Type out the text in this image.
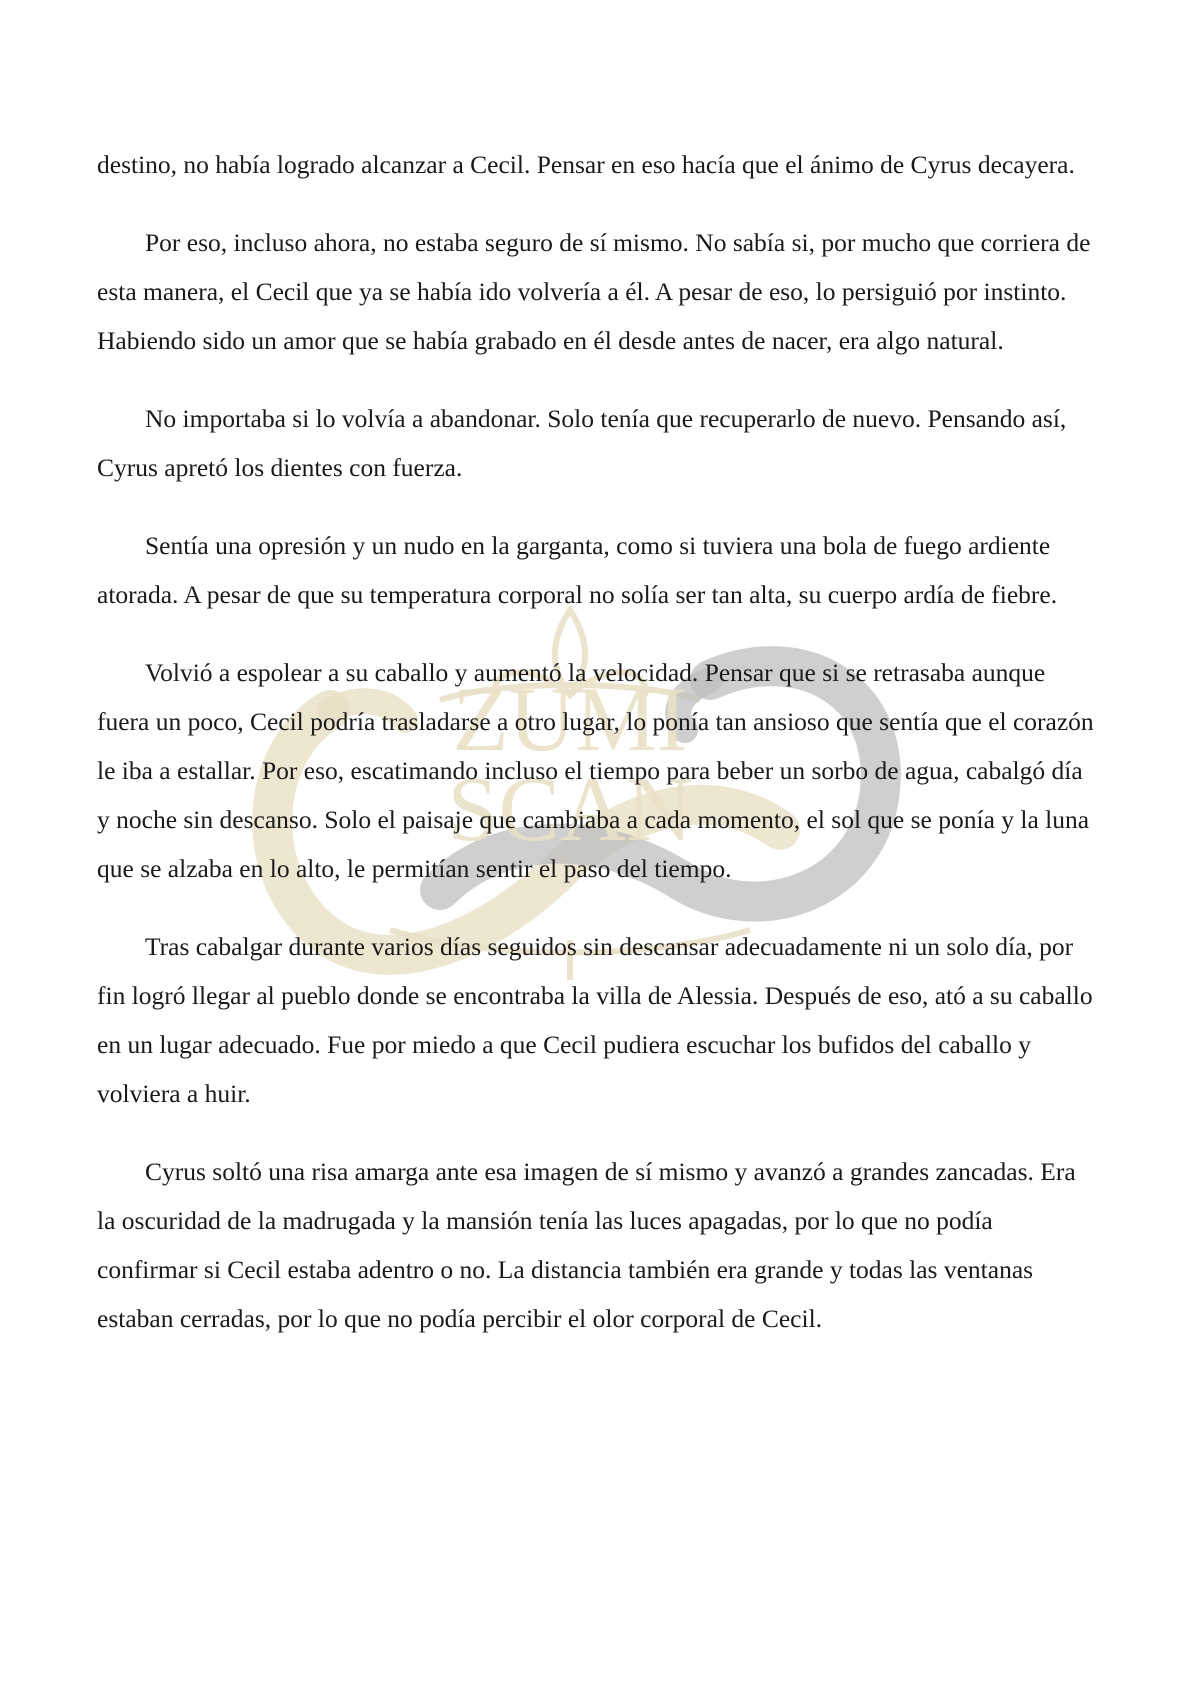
ZUMI
SCAN

destino, no había logrado alcanzar a Cecil. Pensar en eso hacía que el ánimo de Cyrus decayera.

Por eso, incluso ahora, no estaba seguro de sí mismo. No sabía si, por mucho que corriera de esta manera, el Cecil que ya se había ido volvería a él. A pesar de eso, lo persiguió por instinto. Habiendo sido un amor que se había grabado en él desde antes de nacer, era algo natural.

No importaba si lo volvía a abandonar. Solo tenía que recuperarlo de nuevo. Pensando así, Cyrus apretó los dientes con fuerza.

Sentía una opresión y un nudo en la garganta, como si tuviera una bola de fuego ardiente atorada. A pesar de que su temperatura corporal no solía ser tan alta, su cuerpo ardía de fiebre.

Volvió a espolear a su caballo y aumentó la velocidad. Pensar que si se retrasaba aunque fuera un poco, Cecil podría trasladarse a otro lugar, lo ponía tan ansioso que sentía que el corazón le iba a estallar. Por eso, escatimando incluso el tiempo para beber un sorbo de agua, cabalgó día y noche sin descanso. Solo el paisaje que cambiaba a cada momento, el sol que se ponía y la luna que se alzaba en lo alto, le permitían sentir el paso del tiempo.

Tras cabalgar durante varios días seguidos sin descansar adecuadamente ni un solo día, por fin logró llegar al pueblo donde se encontraba la villa de Alessia. Después de eso, ató a su caballo en un lugar adecuado. Fue por miedo a que Cecil pudiera escuchar los bufidos del caballo y volviera a huir.

Cyrus soltó una risa amarga ante esa imagen de sí mismo y avanzó a grandes zancadas. Era la oscuridad de la madrugada y la mansión tenía las luces apagadas, por lo que no podía confirmar si Cecil estaba adentro o no. La distancia también era grande y todas las ventanas estaban cerradas, por lo que no podía percibir el olor corporal de Cecil.
